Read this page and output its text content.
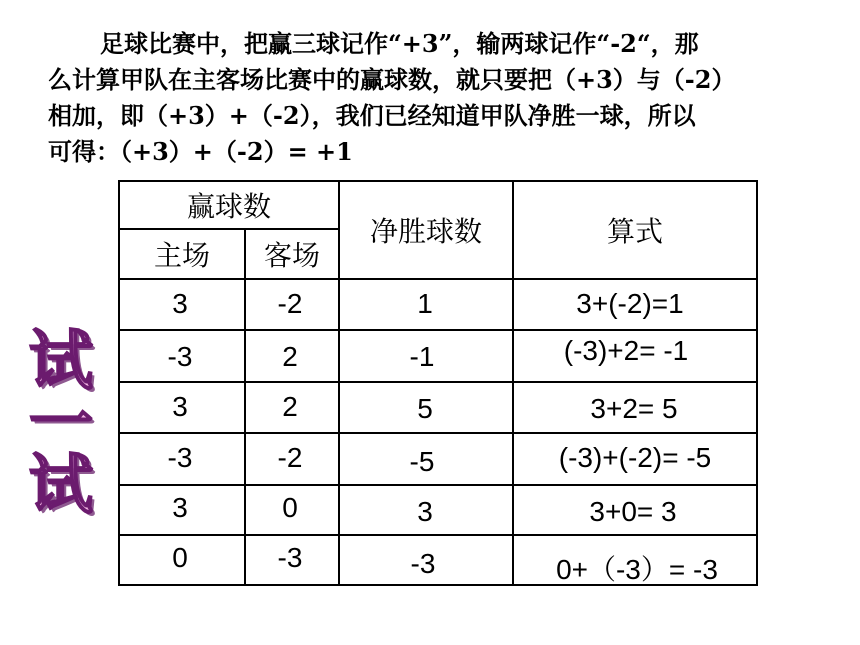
足球比赛中，把赢三球记作“+3”，输两球记作“-2“，那
么计算甲队在主客场比赛中的赢球数，就只要把（+3）与（-2）
相加，即（+3）+（-2），我们已经知道甲队净胜一球，所以
可得：（+3）+（-2）= +1
赢球数		净胜球数	算式
主场	客场		

3	-2	1	3+(-2)=1

-3	2	-1	(-3)+2= -1

3	2	5	3+2= 5

-3	-2	-5	(-3)+(-2)= -5

3	0	3	3+0= 3

0	-3	-3	0+（-3）= -3
试
一
试
